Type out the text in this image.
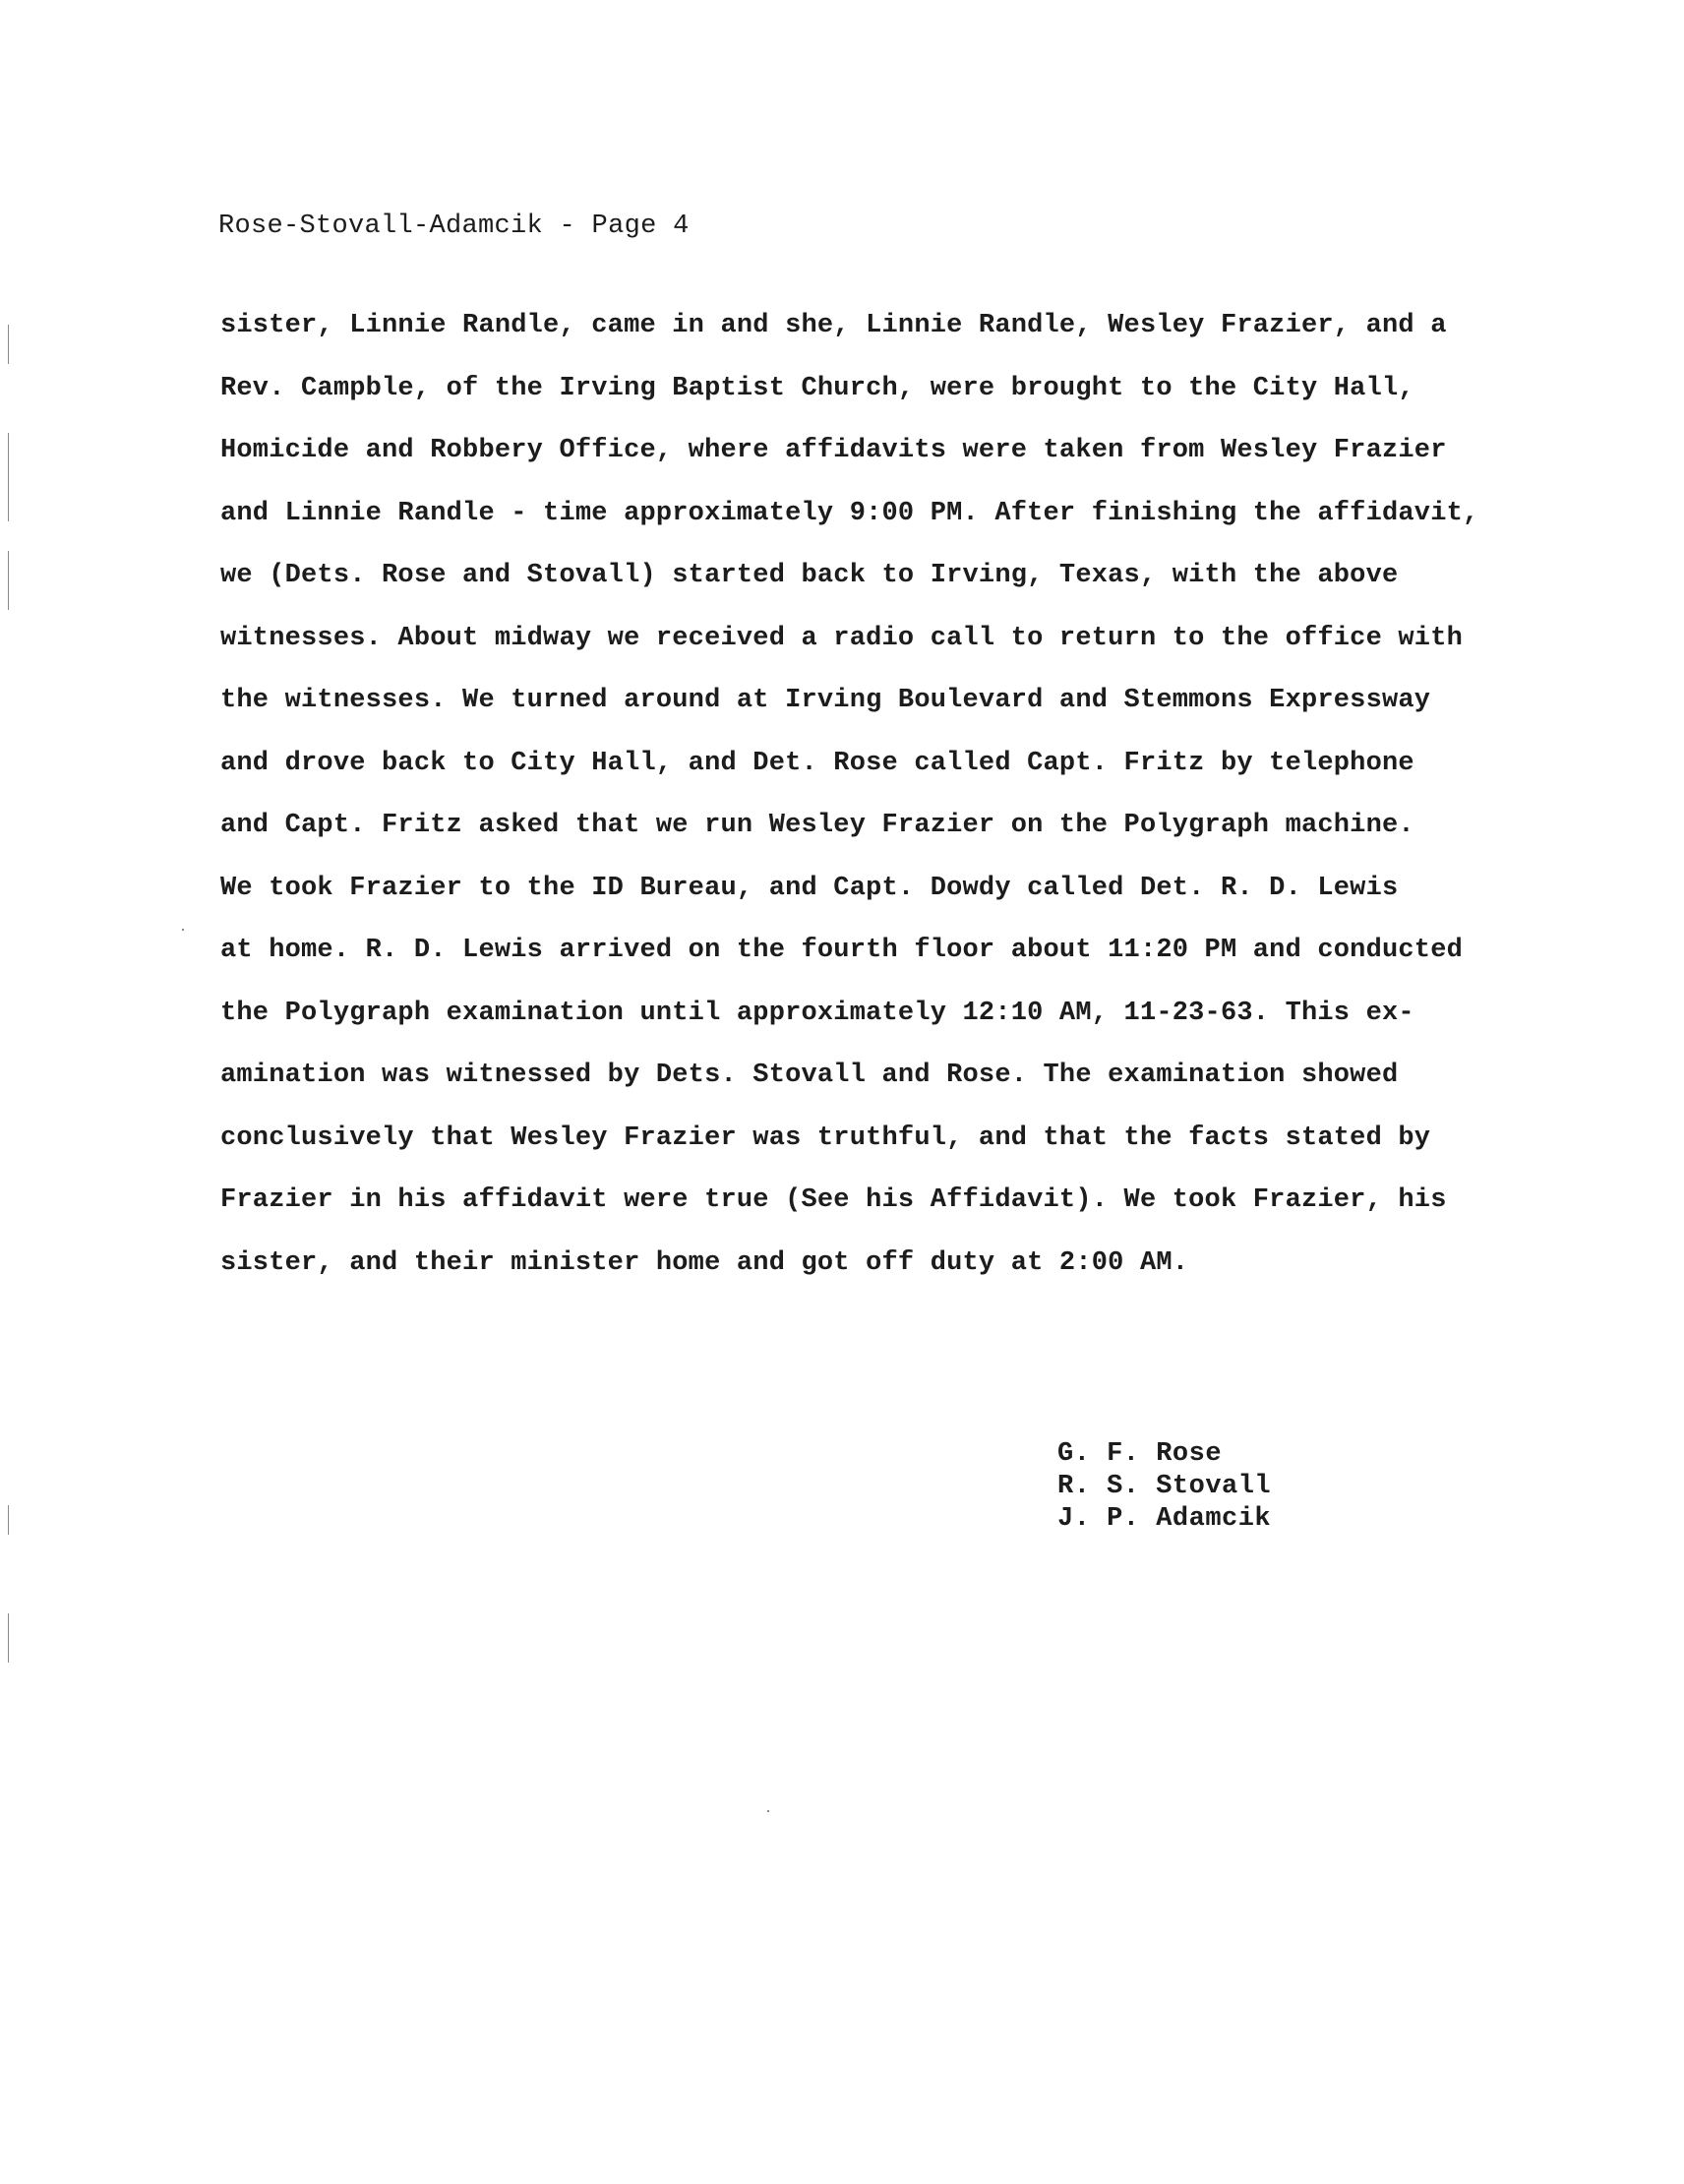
Rose-Stovall-Adamcik - Page 4
sister, Linnie Randle, came in and she, Linnie Randle, Wesley Frazier, and a
Rev. Campble, of the Irving Baptist Church, were brought to the City Hall,
Homicide and Robbery Office, where affidavits were taken from Wesley Frazier
and Linnie Randle - time approximately 9:00 PM. After finishing the affidavit,
we (Dets. Rose and Stovall) started back to Irving, Texas, with the above
witnesses. About midway we received a radio call to return to the office with
the witnesses. We turned around at Irving Boulevard and Stemmons Expressway
and drove back to City Hall, and Det. Rose called Capt. Fritz by telephone
and Capt. Fritz asked that we run Wesley Frazier on the Polygraph machine.
We took Frazier to the ID Bureau, and Capt. Dowdy called Det. R. D. Lewis
at home. R. D. Lewis arrived on the fourth floor about 11:20 PM and conducted
the Polygraph examination until approximately 12:10 AM, 11-23-63. This ex-
amination was witnessed by Dets. Stovall and Rose. The examination showed
conclusively that Wesley Frazier was truthful, and that the facts stated by
Frazier in his affidavit were true (See his Affidavit). We took Frazier, his
sister, and their minister home and got off duty at 2:00 AM.
G. F. Rose
R. S. Stovall
J. P. Adamcik
